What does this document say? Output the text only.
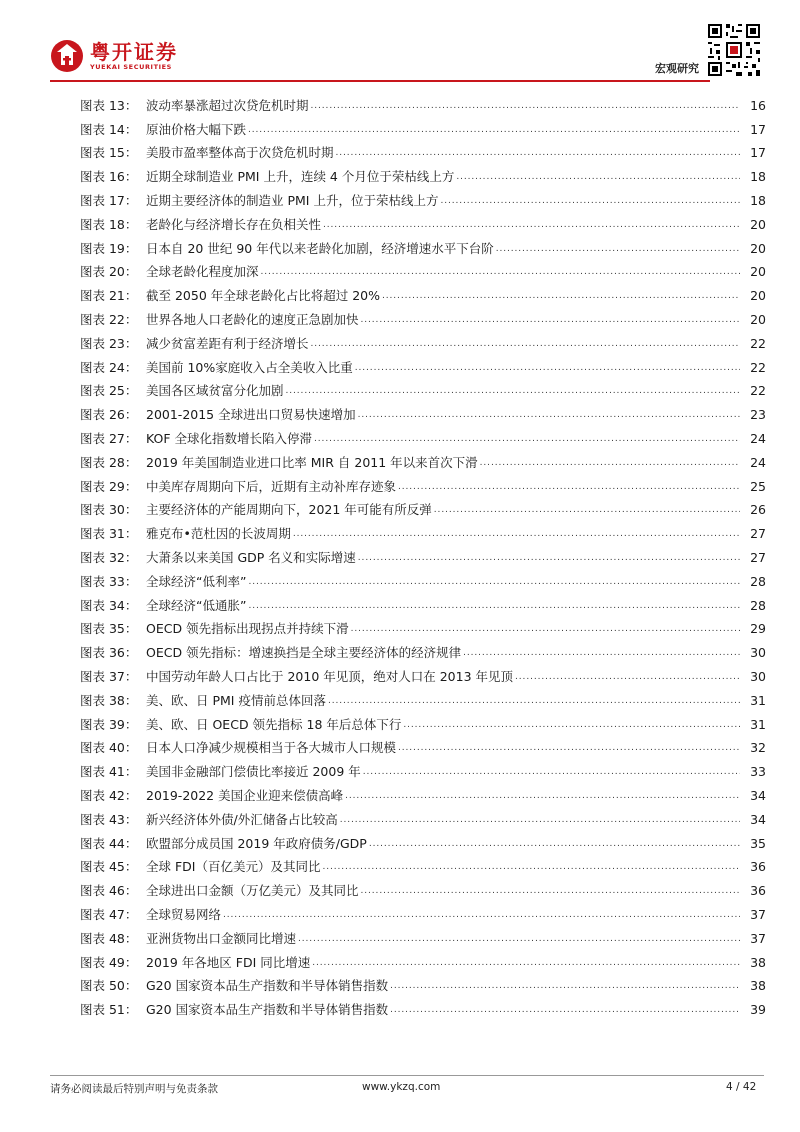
粤开证券
YUEKAI SECURITIES	宏观研究
图表 13： 波动率暴涨超过次贷危机时期 .....	16
图表 14： 原油价格大幅下跌 .....	17
图表 15： 美股市盈率整体高于次贷危机时期 .....	17
图表 16： 近期全球制造业 PMI 上升，连续 4 个月位于荣枯线上方 .....	18
图表 17： 近期主要经济体的制造业 PMI 上升，位于荣枯线上方 .....	18
图表 18： 老龄化与经济增长存在负相关性 .....	20
图表 19： 日本自 20 世纪 90 年代以来老龄化加剧，经济增速水平下台阶 .....	20
图表 20： 全球老龄化程度加深 .....	20
图表 21： 截至 2050 年全球老龄化占比将超过 20% .....	20
图表 22： 世界各地人口老龄化的速度正急剧加快 .....	20
图表 23： 减少贫富差距有利于经济增长 .....	22
图表 24： 美国前 10%家庭收入占全美收入比重 .....	22
图表 25： 美国各区域贫富分化加剧 .....	22
图表 26： 2001-2015 全球进出口贸易快速增加 .....	23
图表 27： KOF 全球化指数增长陷入停滞 .....	24
图表 28： 2019 年美国制造业进口比率 MIR 自 2011 年以来首次下滑 .....	24
图表 29： 中美库存周期向下后，近期有主动补库存迹象 .....	25
图表 30： 主要经济体的产能周期向下，2021 年可能有所反弹 .....	26
图表 31： 雅克布•范杜因的长波周期 .....	27
图表 32： 大萧条以来美国 GDP 名义和实际增速 .....	27
图表 33： 全球经济“低利率” .....	28
图表 34： 全球经济“低通胀” .....	28
图表 35： OECD 领先指标出现拐点并持续下滑 .....	29
图表 36： OECD 领先指标：增速换挡是全球主要经济体的经济规律 .....	30
图表 37： 中国劳动年龄人口占比于 2010 年见顶，绝对人口在 2013 年见顶 .....	30
图表 38： 美、欧、日 PMI 疫情前总体回落 .....	31
图表 39： 美、欧、日 OECD 领先指标 18 年后总体下行 .....	31
图表 40： 日本人口净减少规模相当于各大城市人口规模 .....	32
图表 41： 美国非金融部门偿债比率接近 2009 年 .....	33
图表 42： 2019-2022 美国企业迎来偿债高峰 .....	34
图表 43： 新兴经济体外债/外汇储备占比较高 .....	34
图表 44： 欧盟部分成员国 2019 年政府债务/GDP .....	35
图表 45： 全球 FDI（百亿美元）及其同比 .....	36
图表 46： 全球进出口金额（万亿美元）及其同比 .....	36
图表 47： 全球贸易网络 .....	37
图表 48： 亚洲货物出口金额同比增速 .....	37
图表 49： 2019 年各地区 FDI 同比增速 .....	38
图表 50： G20 国家资本品生产指数和半导体销售指数 .....	38
图表 51： G20 国家资本品生产指数和半导体销售指数 .....	39
请务必阅读最后特别声明与免责条款	www.ykzq.com	4 / 42
